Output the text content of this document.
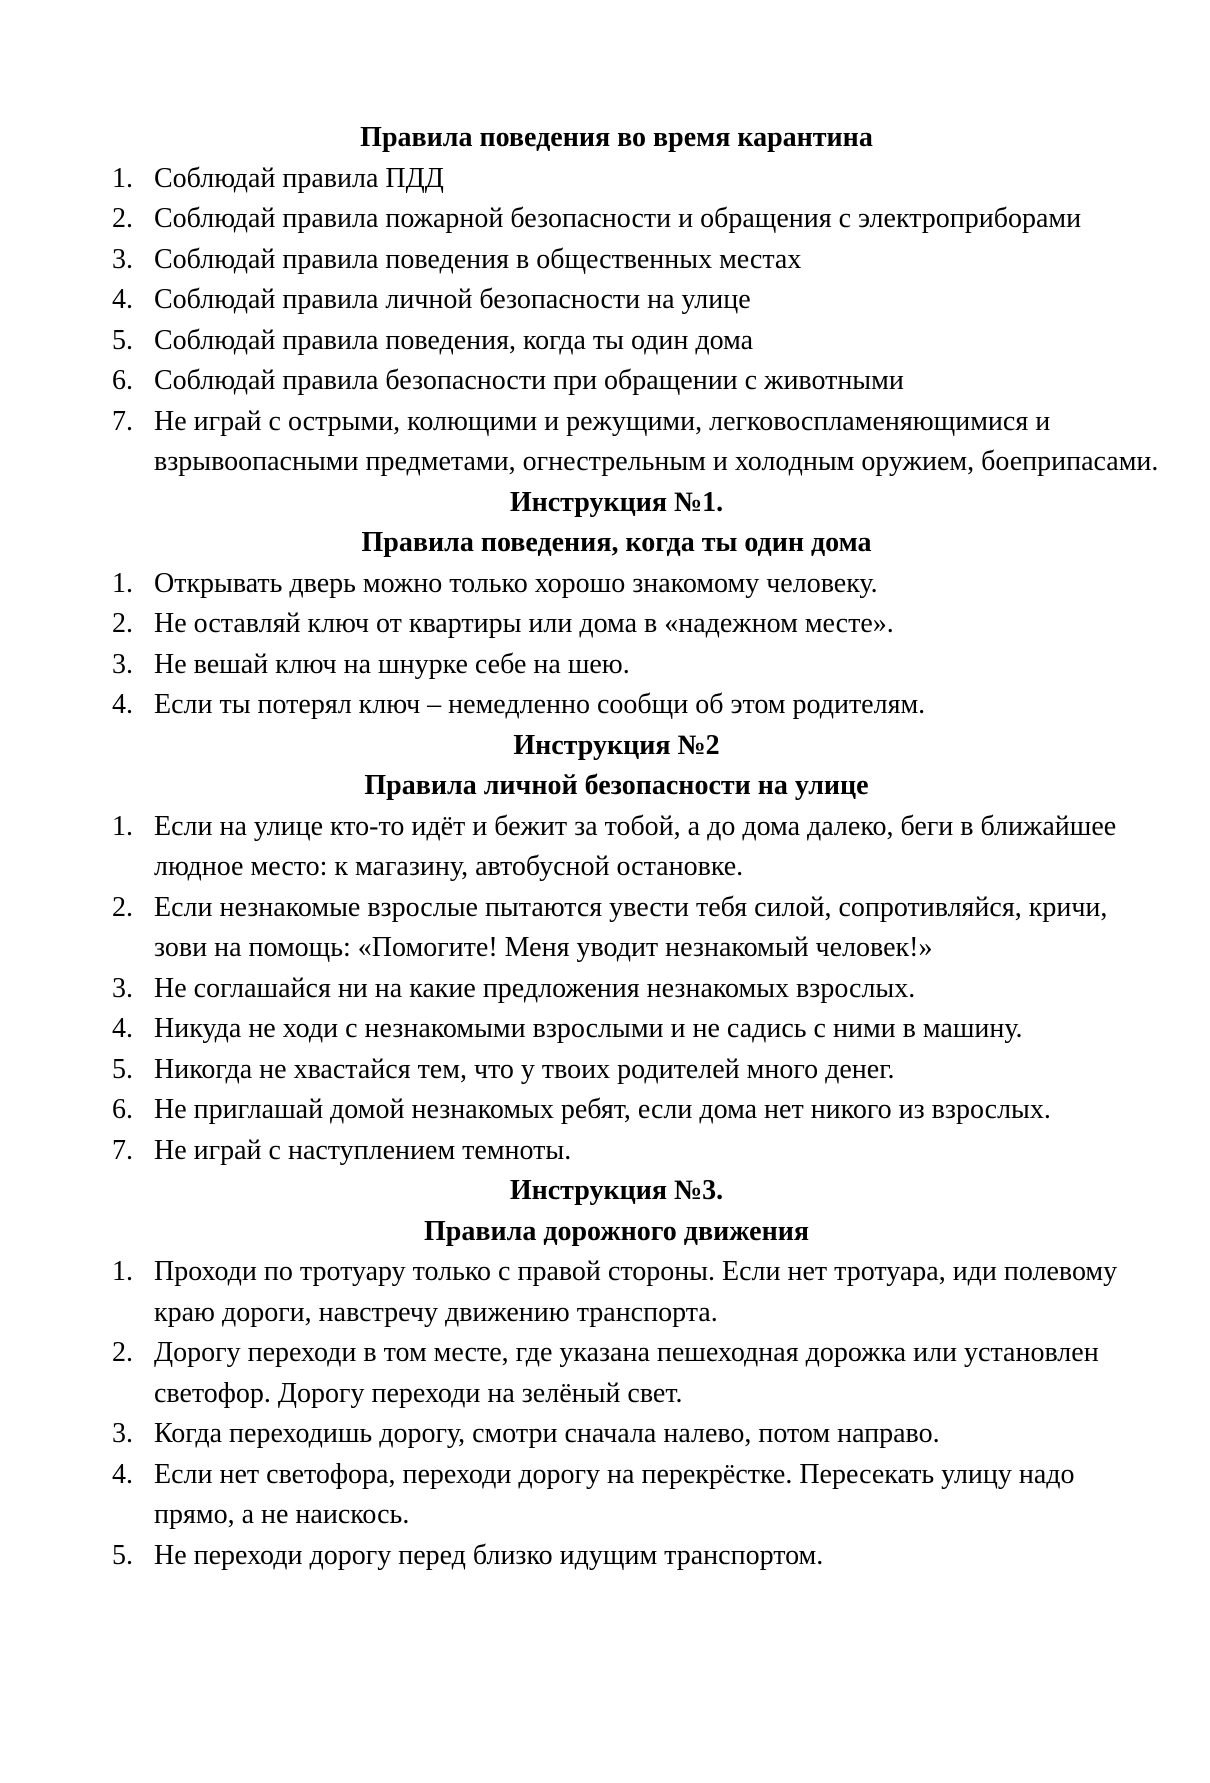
Правила поведения во время карантина
1. Соблюдай правила ПДД
2. Соблюдай правила пожарной безопасности и обращения с электроприборами
3. Соблюдай правила поведения в общественных местах
4. Соблюдай правила личной безопасности на улице
5. Соблюдай правила поведения, когда ты один дома
6. Соблюдай правила безопасности при обращении с животными
7. Не играй с острыми, колющими и режущими, легковоспламеняющимися и взрывоопасными предметами, огнестрельным и холодным оружием, боеприпасами.
Инструкция №1.
Правила поведения, когда ты один дома
1. Открывать дверь можно только хорошо знакомому человеку.
2. Не оставляй ключ от квартиры или дома в «надежном месте».
3. Не вешай ключ на шнурке себе на шею.
4. Если ты потерял ключ – немедленно сообщи об этом родителям.
Инструкция №2
Правила личной безопасности на улице
1. Если на улице кто-то идёт и бежит за тобой, а до дома далеко, беги в ближайшее людное место: к магазину, автобусной остановке.
2. Если незнакомые взрослые пытаются увести тебя силой, сопротивляйся, кричи, зови на помощь: «Помогите! Меня уводит незнакомый человек!»
3. Не соглашайся ни на какие предложения незнакомых взрослых.
4. Никуда не ходи с незнакомыми взрослыми и не садись с ними в машину.
5. Никогда не хвастайся тем, что у твоих родителей много денег.
6. Не приглашай домой незнакомых ребят, если дома нет никого из взрослых.
7. Не играй с наступлением темноты.
Инструкция №3.
Правила дорожного движения
1. Проходи по тротуару только с правой стороны. Если нет тротуара, иди полевому краю дороги, навстречу движению транспорта.
2. Дорогу переходи в том месте, где указана пешеходная дорожка или установлен светофор. Дорогу переходи на зелёный свет.
3. Когда переходишь дорогу, смотри сначала налево, потом направо.
4. Если нет светофора, переходи дорогу на перекрёстке. Пересекать улицу надо прямо, а не наискось.
5. Не переходи дорогу перед близко идущим транспортом.
